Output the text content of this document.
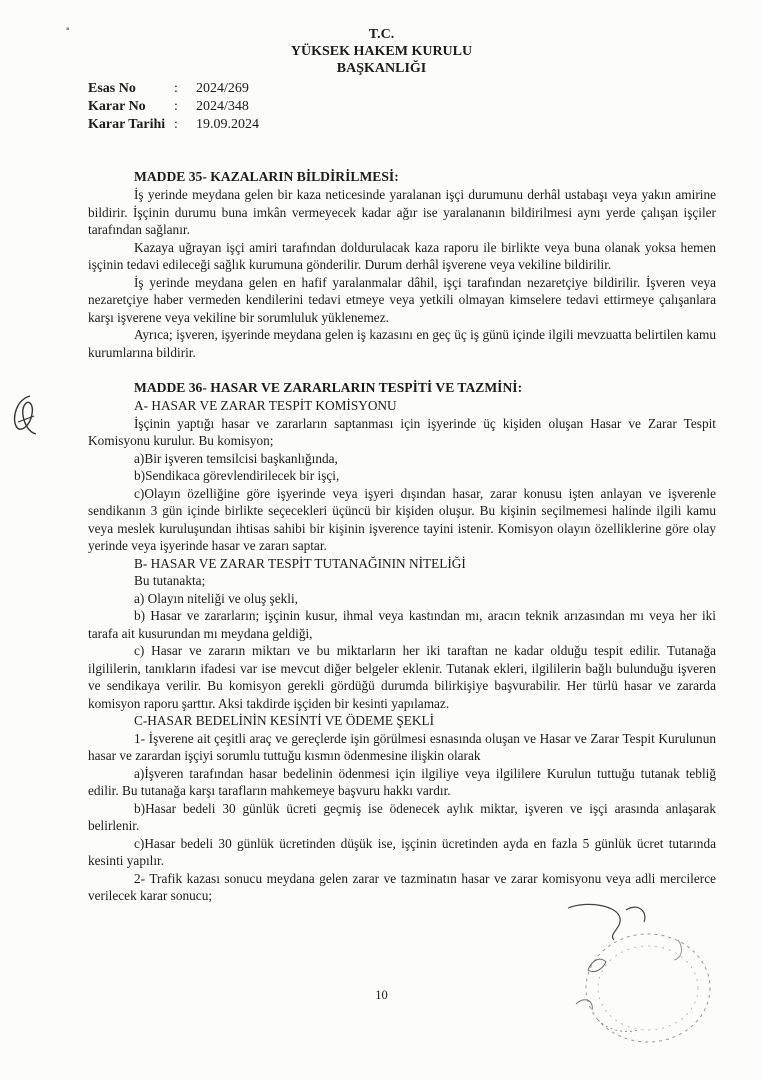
▪	T.C.
YÜKSEK HAKEM KURULU
BAŞKANLIĞI
Esas No	:	2024/269
Karar No	:	2024/348
Karar Tarihi :	19.09.2024
MADDE 35- KAZALARIN BİLDİRİLMESİ:

İş yerinde meydana gelen bir kaza neticesinde yaralanan işçi durumunu derhâl ustabaşı veya yakın amirine bildirir. İşçinin durumu buna imkân vermeyecek kadar ağır ise yaralananın bildirilmesi aynı yerde çalışan işçiler tarafından sağlanır.

Kazaya uğrayan işçi amiri tarafından doldurulacak kaza raporu ile birlikte veya buna olanak yoksa hemen işçinin tedavi edileceği sağlık kurumuna gönderilir. Durum derhâl işverene veya vekiline bildirilir.

İş yerinde meydana gelen en hafif yaralanmalar dâhil, işçi tarafından nezaretçiye bildirilir. İşveren veya nezaretçiye haber vermeden kendilerini tedavi etmeye veya yetkili olmayan kimselere tedavi ettirmeye çalışanlara karşı işverene veya vekiline bir sorumluluk yüklenemez.

Ayrıca; işveren, işyerinde meydana gelen iş kazasını en geç üç iş günü içinde ilgili mevzuatta belirtilen kamu kurumlarına bildirir.

MADDE 36- HASAR VE ZARARLARIN TESPİTİ VE TAZMİNİ:

A- HASAR VE ZARAR TESPİT KOMİSYONU

İşçinin yaptığı hasar ve zararların saptanması için işyerinde üç kişiden oluşan Hasar ve Zarar Tespit Komisyonu kurulur. Bu komisyon;

a)Bir işveren temsilcisi başkanlığında,

b)Sendikaca görevlendirilecek bir işçi,

c)Olayın özelliğine göre işyerinde veya işyeri dışından hasar, zarar konusu işten anlayan ve işverenle sendikanın 3 gün içinde birlikte seçecekleri üçüncü bir kişiden oluşur. Bu kişinin seçilmemesi halinde ilgili kamu veya meslek kuruluşundan ihtisas sahibi bir kişinin işverence tayini istenir. Komisyon olayın özelliklerine göre olay yerinde veya işyerinde hasar ve zararı saptar.

B- HASAR VE ZARAR TESPİT TUTANAĞININ NİTELİĞİ

Bu tutanakta;

a) Olayın niteliği ve oluş şekli,

b) Hasar ve zararların; işçinin kusur, ihmal veya kastından mı, aracın teknik arızasından mı veya her iki tarafa ait kusurundan mı meydana geldiği,

c) Hasar ve zararın miktarı ve bu miktarların her iki taraftan ne kadar olduğu tespit edilir. Tutanağa ilgililerin, tanıkların ifadesi var ise mevcut diğer belgeler eklenir. Tutanak ekleri, ilgililerin bağlı bulunduğu işveren ve sendikaya verilir. Bu komisyon gerekli gördüğü durumda bilirkişiye başvurabilir. Her türlü hasar ve zararda komisyon raporu şarttır. Aksi takdirde işçiden bir kesinti yapılamaz.

C-HASAR BEDELİNİN KESİNTİ VE ÖDEME ŞEKLİ

1- İşverene ait çeşitli araç ve gereçlerde işin görülmesi esnasında oluşan ve Hasar ve Zarar Tespit Kurulunun hasar ve zarardan işçiyi sorumlu tuttuğu kısmın ödenmesine ilişkin olarak

a)İşveren tarafından hasar bedelinin ödenmesi için ilgiliye veya ilgililere Kurulun tuttuğu tutanak tebliğ edilir. Bu tutanağa karşı tarafların mahkemeye başvuru hakkı vardır.

b)Hasar bedeli 30 günlük ücreti geçmiş ise ödenecek aylık miktar, işveren ve işçi arasında anlaşarak belirlenir.

c)Hasar bedeli 30 günlük ücretinden düşük ise, işçinin ücretinden ayda en fazla 5 günlük ücret tutarında kesinti yapılır.

2- Trafik kazası sonucu meydana gelen zarar ve tazminatın hasar ve zarar komisyonu veya adli mercilerce verilecek karar sonucu;

10
